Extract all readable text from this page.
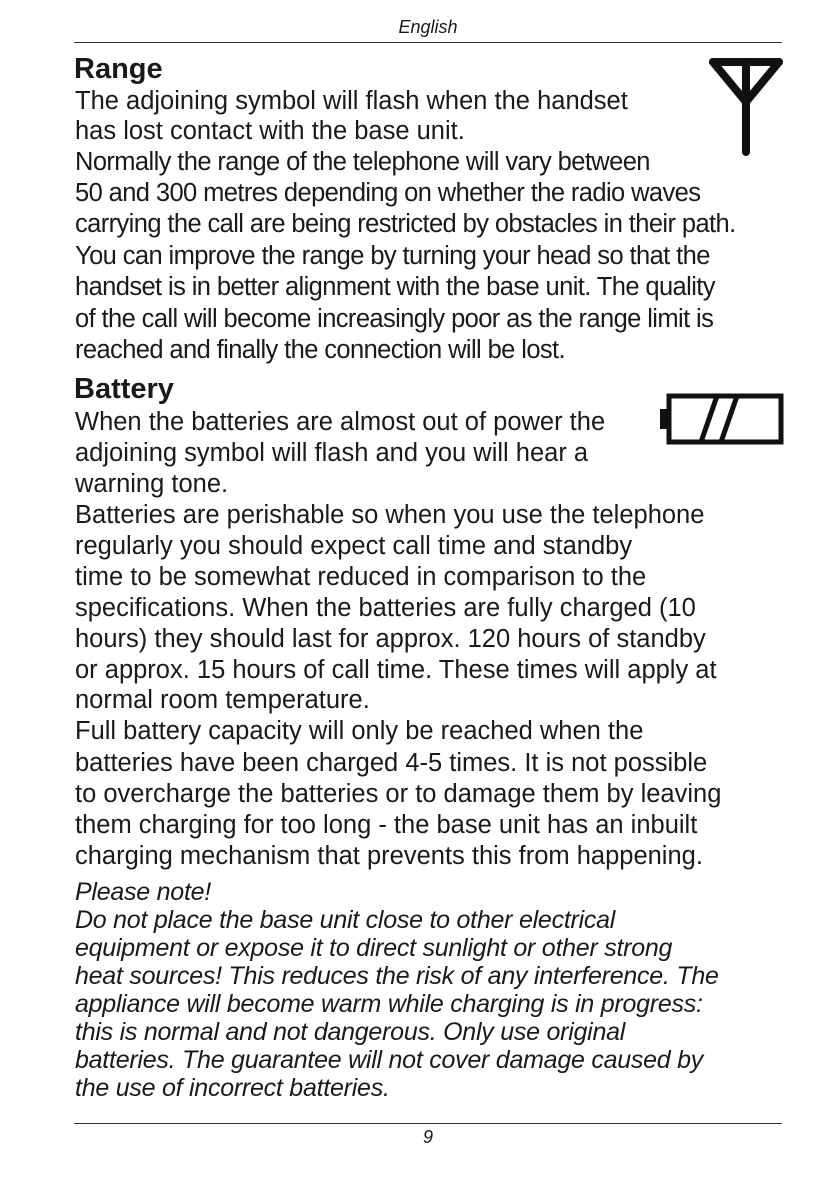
English
Range

The adjoining symbol will flash when the handset

has lost contact with the base unit.

Normally the range of the telephone will vary between

50 and 300 metres depending on whether the radio waves

carrying the call are being restricted by obstacles in their path.

You can improve the range by turning your head so that the

handset is in better alignment with the base unit. The quality

of the call will become increasingly poor as the range limit is

reached and finally the connection will be lost.

Battery

When the batteries are almost out of power the

adjoining symbol will flash and you will hear a

warning tone.

Batteries are perishable so when you use the telephone

regularly you should expect call time and standby

time to be somewhat reduced in comparison to the

specifications. When the batteries are fully charged (10

hours) they should last for approx. 120 hours of standby

or approx. 15 hours of call time. These times will apply at

normal room temperature.

Full battery capacity will only be reached when the

batteries have been charged 4-5 times. It is not possible

to overcharge the batteries or to damage them by leaving

them charging for too long - the base unit has an inbuilt

charging mechanism that prevents this from happening.

Please note!

Do not place the base unit close to other electrical

equipment or expose it to direct sunlight or other strong

heat sources! This reduces the risk of any interference. The

appliance will become warm while charging is in progress:

this is normal and not dangerous. Only use original

batteries. The guarantee will not cover damage caused by

the use of incorrect batteries.

9
